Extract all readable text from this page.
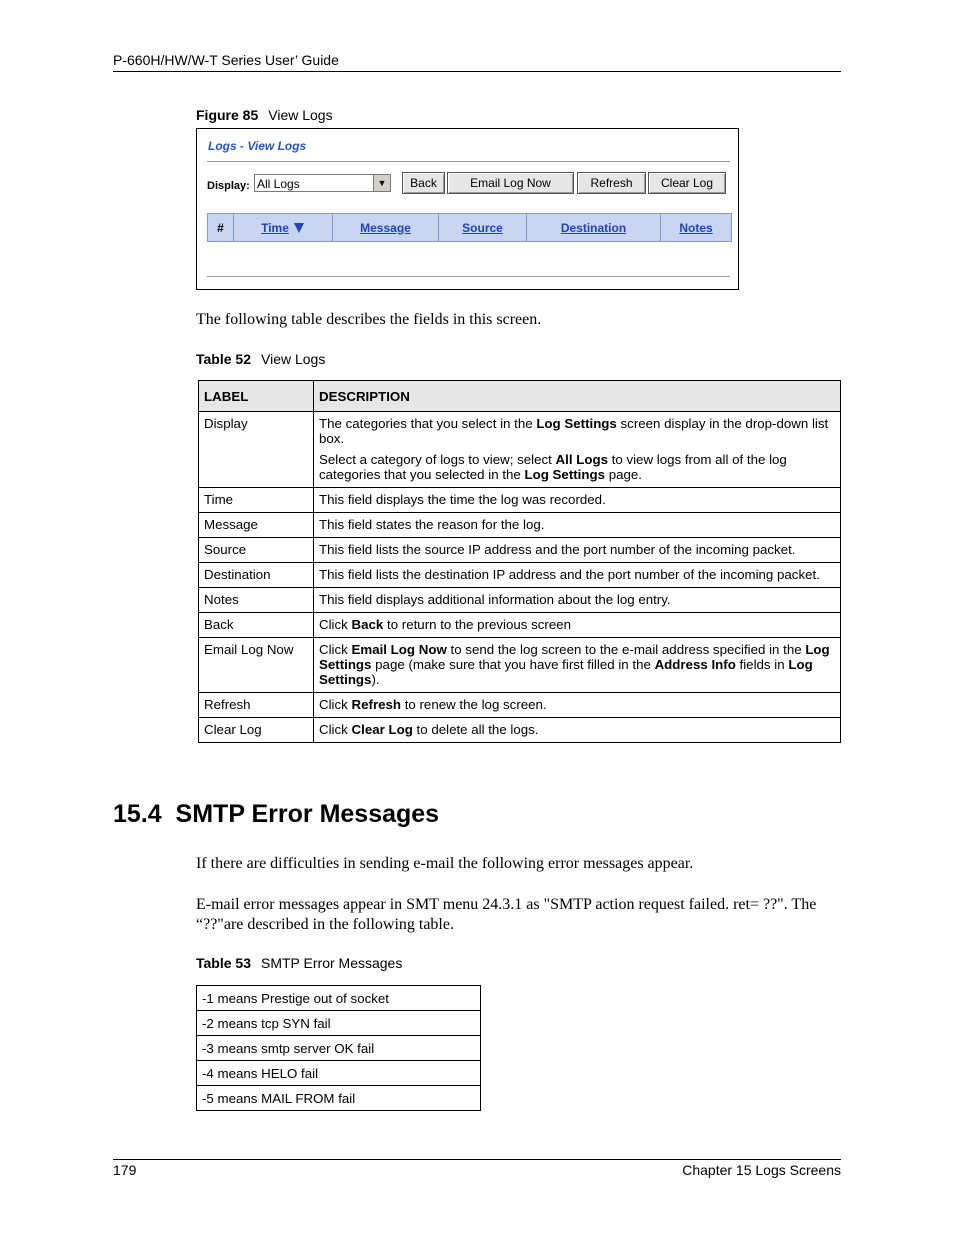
P-660H/HW/W-T Series User’ Guide
Figure 85 View Logs
Logs - View Logs
Display: All Logs	▼	Back	Email Log Now	Refresh	Clear Log
#	Time	Message	Source	Destination	Notes
The following table describes the fields in this screen.
Table 52 View Logs
LABEL	DESCRIPTION
Display	The categories that you select in the Log Settings screen display in the drop-down list box.

Select a category of logs to view; select All Logs to view logs from all of the log categories that you selected in the Log Settings page.

Time	This field displays the time the log was recorded.
Message	This field states the reason for the log.
Source	This field lists the source IP address and the port number of the incoming packet.
Destination	This field lists the destination IP address and the port number of the incoming packet.
Notes	This field displays additional information about the log entry.
Back	Click Back to return to the previous screen
Email Log Now	Click Email Log Now to send the log screen to the e-mail address specified in the Log Settings page (make sure that you have first filled in the Address Info fields in Log Settings).
Refresh	Click Refresh to renew the log screen.
Clear Log	Click Clear Log to delete all the logs.
15.4  SMTP Error Messages
If there are difficulties in sending e-mail the following error messages appear.
E-mail error messages appear in SMT menu 24.3.1 as "SMTP action request failed. ret= ??". The “??"are described in the following table.
Table 53 SMTP Error Messages
-1 means Prestige out of socket
-2 means tcp SYN fail
-3 means smtp server OK fail
-4 means HELO fail
-5 means MAIL FROM fail
179	Chapter 15 Logs Screens
